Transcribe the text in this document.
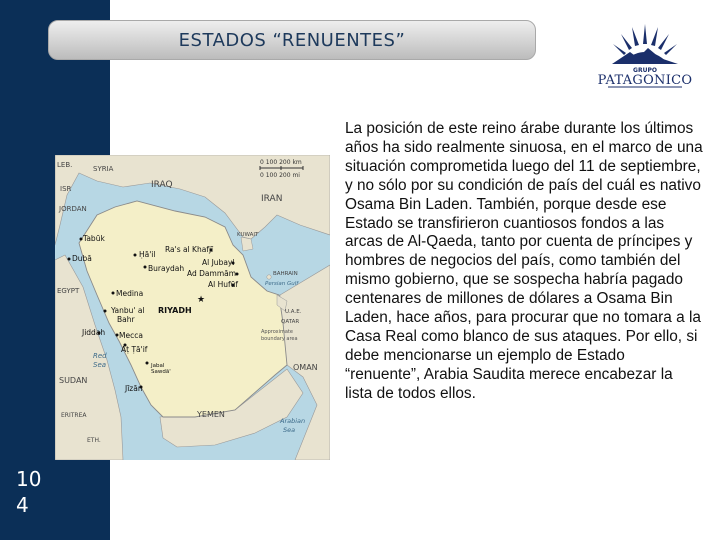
10
4
ESTADOS “RENUENTES”
GRUPO
PATAGONICO
LEB.	SYRIA
IRAQ
IRAN
ISR
JORDAN
KUWAIT
EGYPT
BAHRAIN
QATAR
U.A.E.
SUDAN
YEMEN
OMAN
ERITREA
ETH.
Red
Sea
Persian Gulf
Arabian
Sea
Approximate
boundary area
★
Tabūk
Dubā	Ḥā'il
Buraydah
Ra's al Khafjī
Al Jubayl
Ad Dammām
Al Hufūf
RIYADH
Medina
Yanbu' al
Bahr
Jiddah Mecca
Aṭ Ṭā'if
Jabal
Sawdā'
Jīzān
0 100 200 km
0 100 200 mi
La posición de este reino árabe durante los últimos años ha sido realmente sinuosa, en el marco de una situación comprometida luego del 11 de septiembre, y no sólo por su condición de país del cuál es nativo Osama Bin Laden. También, porque desde ese Estado se transfirieron cuantiosos fondos a las arcas de Al-Qaeda, tanto por cuenta de príncipes y hombres de negocios del país, como también del mismo gobierno, que se sospecha habría pagado centenares de millones de dólares a Osama Bin Laden, hace años, para procurar que no tomara a la Casa Real como blanco de sus ataques. Por ello, si debe mencionarse un ejemplo de Estado “renuente”, Arabia Saudita merece encabezar la lista de todos ellos.
